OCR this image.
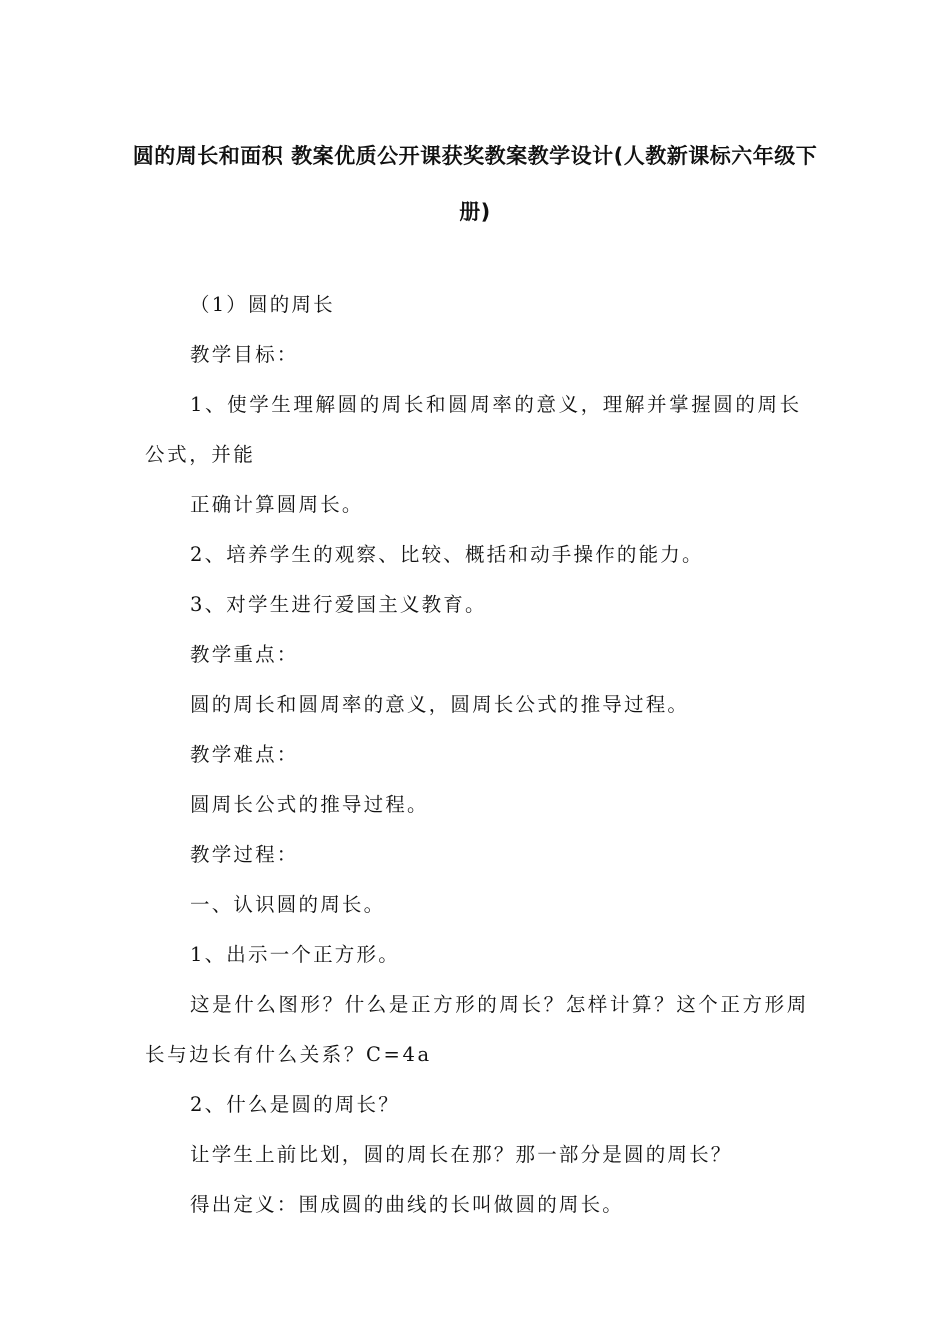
圆的周长和面积 教案优质公开课获奖教案教学设计(人教新课标六年级下册)

（1）圆的周长

教学目标：

1、使学生理解圆的周长和圆周率的意义，理解并掌握圆的周长公式，并能

正确计算圆周长。

2、培养学生的观察、比较、概括和动手操作的能力。

3、对学生进行爱国主义教育。

教学重点：

圆的周长和圆周率的意义，圆周长公式的推导过程。

教学难点：

圆周长公式的推导过程。

教学过程：

一、认识圆的周长。

1、出示一个正方形。

这是什么图形？什么是正方形的周长？怎样计算？这个正方形周长与边长有什么关系？C=4a

2、什么是圆的周长？

让学生上前比划，圆的周长在那？那一部分是圆的周长？

得出定义：围成圆的曲线的长叫做圆的周长。
